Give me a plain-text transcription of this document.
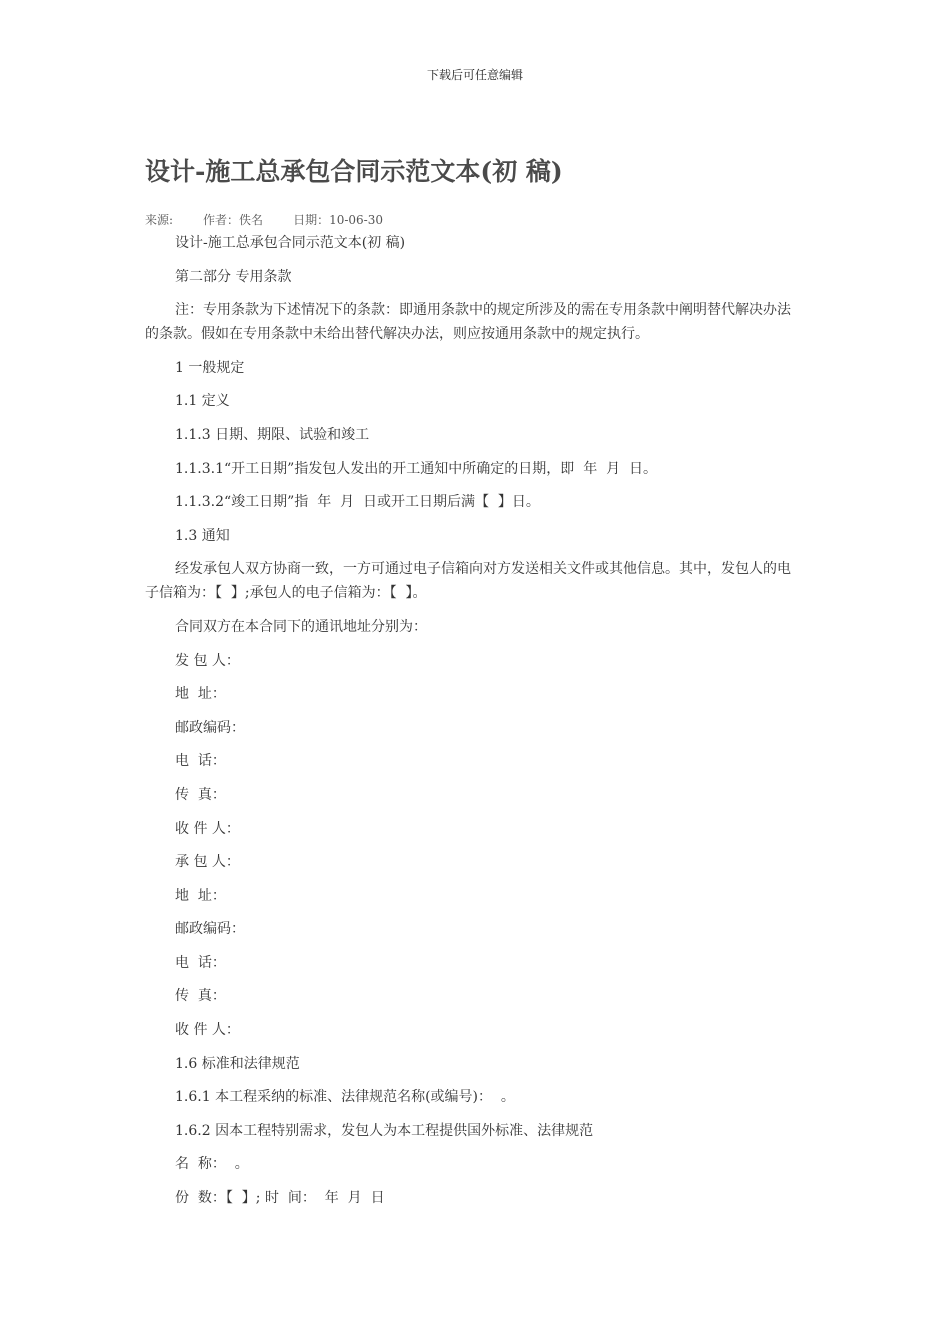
下载后可任意编辑
设计-施工总承包合同示范文本(初 稿)
来源:	作者：佚名	日期：10-06-30

设计-施工总承包合同示范文本(初 稿)

第二部分 专用条款

注：专用条款为下述情况下的条款：即通用条款中的规定所涉及的需在专用条款中阐明替代解决办法的条款。假如在专用条款中未给出替代解决办法，则应按通用条款中的规定执行。

1 一般规定

1.1 定义

1.1.3 日期、期限、试验和竣工

1.1.3.1“开工日期”指发包人发出的开工通知中所确定的日期，即  年  月  日。

1.1.3.2“竣工日期”指  年  月  日或开工日期后满【  】日。

1.3 通知

经发承包人双方协商一致，一方可通过电子信箱向对方发送相关文件或其他信息。其中，发包人的电子信箱为：【  】;承包人的电子信箱为：【  】。

合同双方在本合同下的通讯地址分别为：

发 包 人：

地  址：

邮政编码：

电  话：

传  真：

收 件 人：

承 包 人：

地  址：

邮政编码：

电  话：

传  真：

收 件 人：

1.6 标准和法律规范

1.6.1 本工程采纳的标准、法律规范名称(或编号)：  。

1.6.2 因本工程特别需求，发包人为本工程提供国外标准、法律规范

名  称：  。

份  数：【  】; 时  间：  年  月  日
